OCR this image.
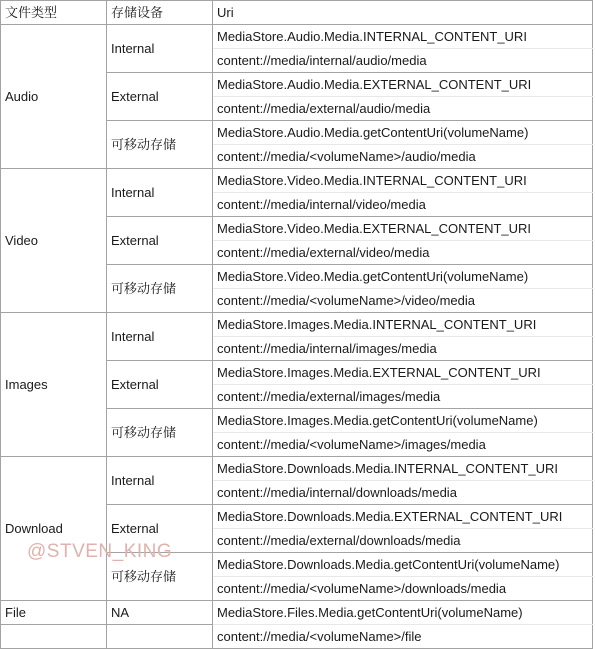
文件类型	存储设备	Uri
Audio	Internal	MediaStore.Audio.Media.INTERNAL_CONTENT_URI
		content://media/internal/audio/media
	External	MediaStore.Audio.Media.EXTERNAL_CONTENT_URI
		content://media/external/audio/media
	可移动存储	MediaStore.Audio.Media.getContentUri(volumeName)
		content://media/<volumeName>/audio/media
Video	Internal	MediaStore.Video.Media.INTERNAL_CONTENT_URI
		content://media/internal/video/media
	External	MediaStore.Video.Media.EXTERNAL_CONTENT_URI
		content://media/external/video/media
	可移动存储	MediaStore.Video.Media.getContentUri(volumeName)
		content://media/<volumeName>/video/media
Images	Internal	MediaStore.Images.Media.INTERNAL_CONTENT_URI
		content://media/internal/images/media
	External	MediaStore.Images.Media.EXTERNAL_CONTENT_URI
		content://media/external/images/media
	可移动存储	MediaStore.Images.Media.getContentUri(volumeName)
		content://media/<volumeName>/images/media
Download	Internal	MediaStore.Downloads.Media.INTERNAL_CONTENT_URI
		content://media/internal/downloads/media
	External	MediaStore.Downloads.Media.EXTERNAL_CONTENT_URI
		content://media/external/downloads/media
	可移动存储	MediaStore.Downloads.Media.getContentUri(volumeName)
		content://media/<volumeName>/downloads/media
File	NA	MediaStore.Files.Media.getContentUri(volumeName)
		content://media/<volumeName>/file
@STVEN_KING
